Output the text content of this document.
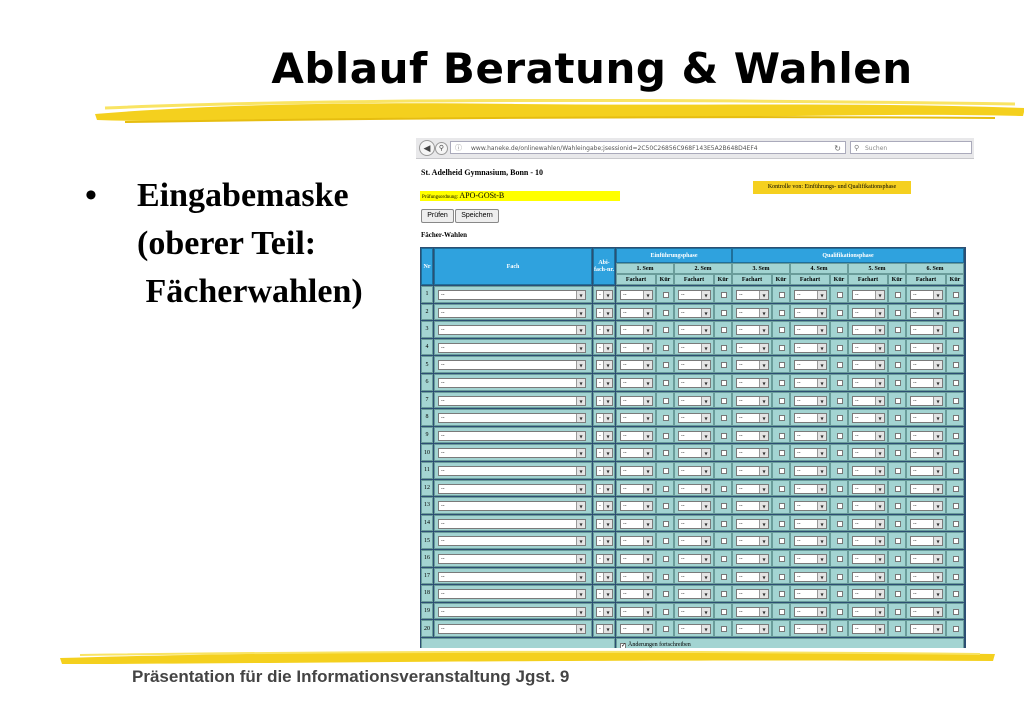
Ablauf Beratung & Wahlen
• Eingabemaske
(oberer Teil:
Fächerwahlen)
Präsentation für die Informationsveranstaltung Jgst. 9
◀	⚲	ⓘ www.haneke.de/onlinewahlen/Wahleingabe;jsessionid=2C50C26856C968F143E5A2B648D4EF4	↻ ⚲ Suchen
St. Adelheid Gymnasium, Bonn - 10
Kontrolle von: Einführungs- und Qualifikationsphase
Prüfungsordnung: APO-GOSt-B
Prüfen	Speichern
Fächer-Wahlen
Nr	Fach
Abi-fach-nr.
Einführungsphase	Qualifikationsphase
1. Sem
Fachart	Kür
2. Sem
Fachart	Kür
3. Sem
Fachart	Kür
4. Sem
Fachart	Kür
5. Sem
Fachart	Kür
6. Sem
Fachart	Kür
1	--	▼	-	▼	--	▼	--	▼	--	▼	--	▼	--	▼	--	▼
2	--	▼	-	▼	--	▼	--	▼	--	▼	--	▼	--	▼	--	▼
3	--	▼	-	▼	--	▼	--	▼	--	▼	--	▼	--	▼	--	▼
4	--	▼	-	▼	--	▼	--	▼	--	▼	--	▼	--	▼	--	▼
5	--	▼	-	▼	--	▼	--	▼	--	▼	--	▼	--	▼	--	▼
6	--	▼	-	▼	--	▼	--	▼	--	▼	--	▼	--	▼	--	▼
7	--	▼	-	▼	--	▼	--	▼	--	▼	--	▼	--	▼	--	▼
8	--	▼	-	▼	--	▼	--	▼	--	▼	--	▼	--	▼	--	▼
9	--	▼	-	▼	--	▼	--	▼	--	▼	--	▼	--	▼	--	▼
10	--	▼	-	▼	--	▼	--	▼	--	▼	--	▼	--	▼	--	▼
11	--	▼	-	▼	--	▼	--	▼	--	▼	--	▼	--	▼	--	▼
12	--	▼	-	▼	--	▼	--	▼	--	▼	--	▼	--	▼	--	▼
13	--	▼	-	▼	--	▼	--	▼	--	▼	--	▼	--	▼	--	▼
14	--	▼	-	▼	--	▼	--	▼	--	▼	--	▼	--	▼	--	▼
15	--	▼	-	▼	--	▼	--	▼	--	▼	--	▼	--	▼	--	▼
16	--	▼	-	▼	--	▼	--	▼	--	▼	--	▼	--	▼	--	▼
17	--	▼	-	▼	--	▼	--	▼	--	▼	--	▼	--	▼	--	▼
18	--	▼	-	▼	--	▼	--	▼	--	▼	--	▼	--	▼	--	▼
19	--	▼	-	▼	--	▼	--	▼	--	▼	--	▼	--	▼	--	▼
20	--	▼	-	▼	--	▼	--	▼	--	▼	--	▼	--	▼	--	▼
✓ Änderungen fortschreiben
